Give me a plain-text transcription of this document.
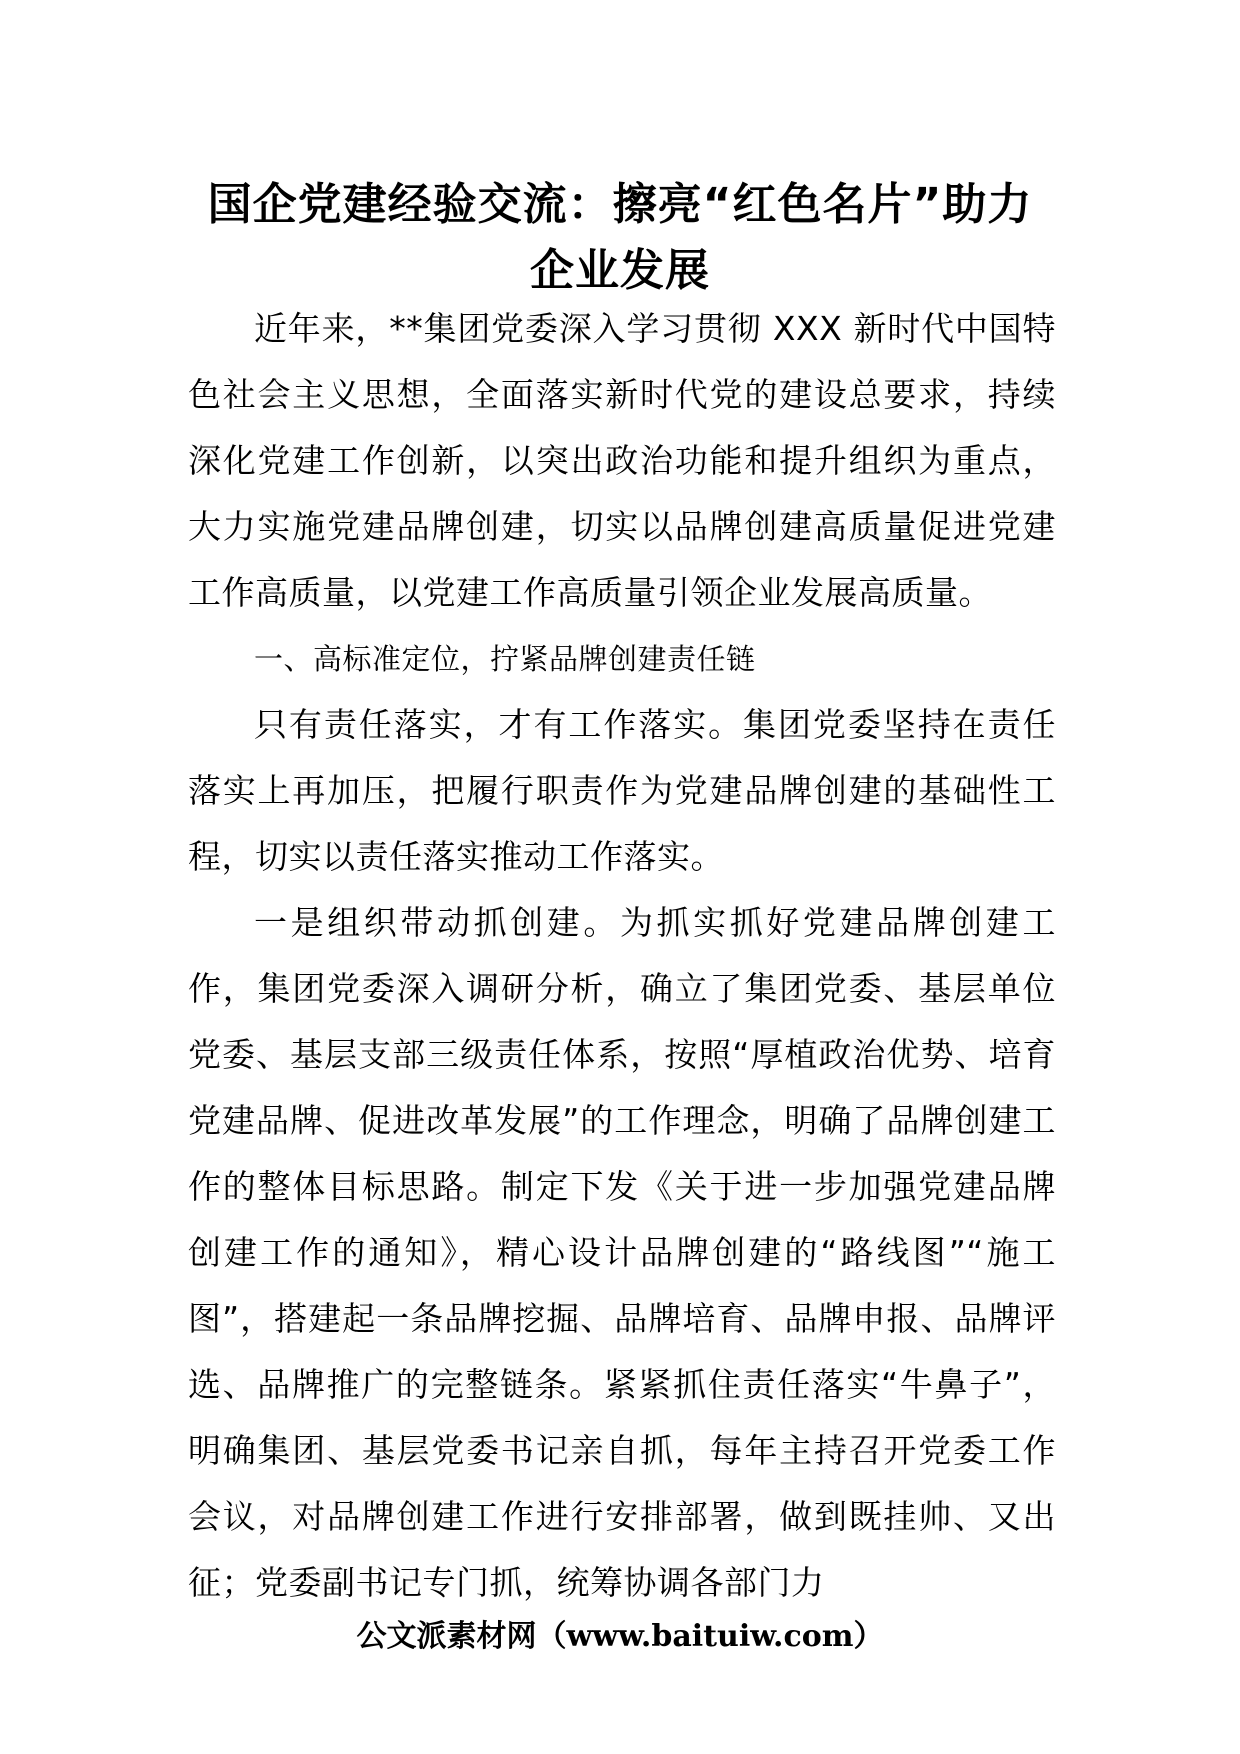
国企党建经验交流：擦亮“红色名片”助力企业发展

近年来，**集团党委深入学习贯彻 XXX 新时代中国特色社会主义思想，全面落实新时代党的建设总要求，持续深化党建工作创新，以突出政治功能和提升组织为重点，大力实施党建品牌创建，切实以品牌创建高质量促进党建工作高质量，以党建工作高质量引领企业发展高质量。

一、高标准定位，拧紧品牌创建责任链

只有责任落实，才有工作落实。集团党委坚持在责任落实上再加压，把履行职责作为党建品牌创建的基础性工程，切实以责任落实推动工作落实。

一是组织带动抓创建。为抓实抓好党建品牌创建工作，集团党委深入调研分析，确立了集团党委、基层单位党委、基层支部三级责任体系，按照“厚植政治优势、培育党建品牌、促进改革发展”的工作理念，明确了品牌创建工作的整体目标思路。制定下发《关于进一步加强党建品牌创建工作的通知》，精心设计品牌创建的“路线图”“施工图”，搭建起一条品牌挖掘、品牌培育、品牌申报、品牌评选、品牌推广的完整链条。紧紧抓住责任落实“牛鼻子”，明确集团、基层党委书记亲自抓，每年主持召开党委工作会议，对品牌创建工作进行安排部署，做到既挂帅、又出征；党委副书记专门抓，统筹协调各部门力

公文派素材网（www.baituiw.com）
